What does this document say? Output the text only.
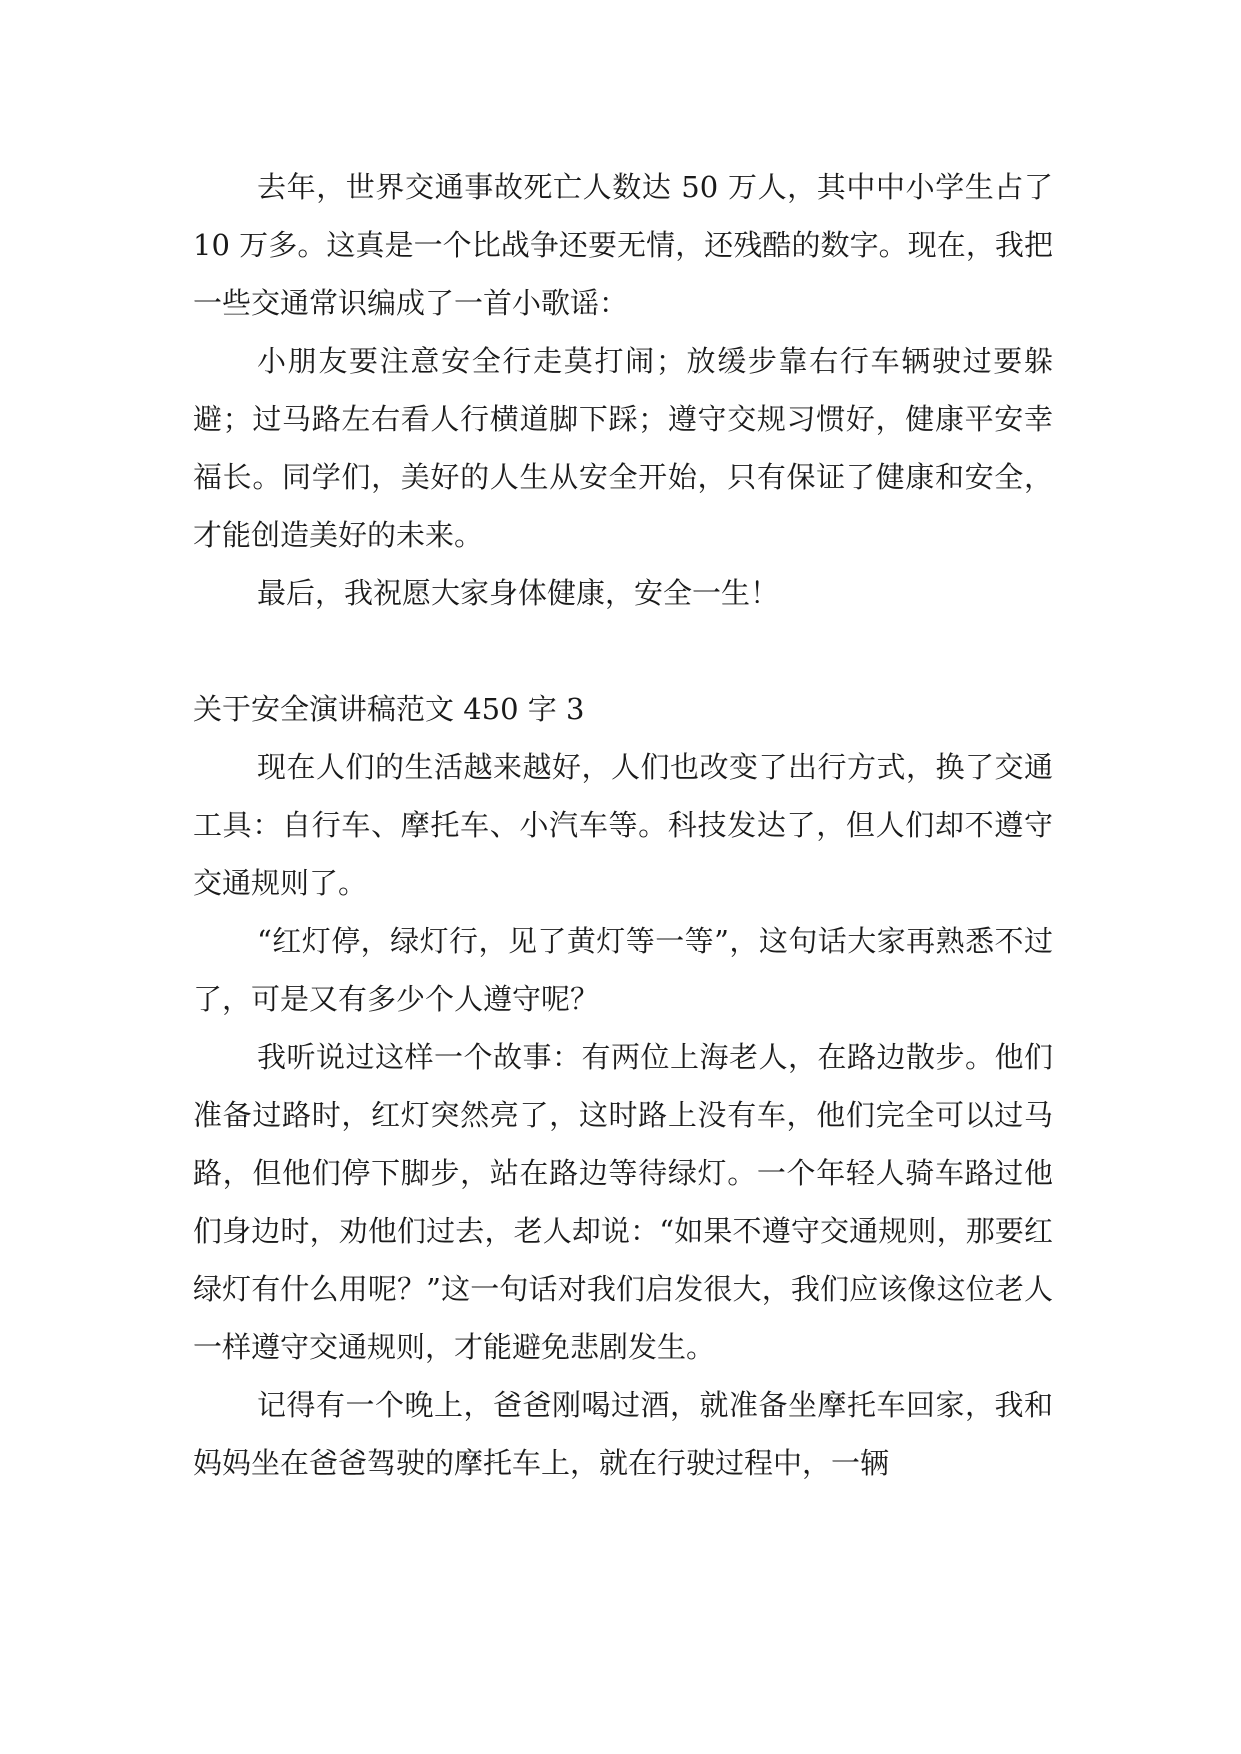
去年，世界交通事故死亡人数达 50 万人，其中中小学生占了 10 万多。这真是一个比战争还要无情，还残酷的数字。现在，我把一些交通常识编成了一首小歌谣：

小朋友要注意安全行走莫打闹；放缓步靠右行车辆驶过要躲避；过马路左右看人行横道脚下踩；遵守交规习惯好，健康平安幸福长。同学们，美好的人生从安全开始，只有保证了健康和安全，才能创造美好的未来。

最后，我祝愿大家身体健康，安全一生！

关于安全演讲稿范文 450 字 3

现在人们的生活越来越好，人们也改变了出行方式，换了交通工具：自行车、摩托车、小汽车等。科技发达了，但人们却不遵守交通规则了。

“红灯停，绿灯行，见了黄灯等一等”，这句话大家再熟悉不过了，可是又有多少个人遵守呢？

我听说过这样一个故事：有两位上海老人，在路边散步。他们准备过路时，红灯突然亮了，这时路上没有车，他们完全可以过马路，但他们停下脚步，站在路边等待绿灯。一个年轻人骑车路过他们身边时，劝他们过去，老人却说：“如果不遵守交通规则，那要红绿灯有什么用呢？”这一句话对我们启发很大，我们应该像这位老人一样遵守交通规则，才能避免悲剧发生。

记得有一个晚上，爸爸刚喝过酒，就准备坐摩托车回家，我和妈妈坐在爸爸驾驶的摩托车上，就在行驶过程中，一辆
